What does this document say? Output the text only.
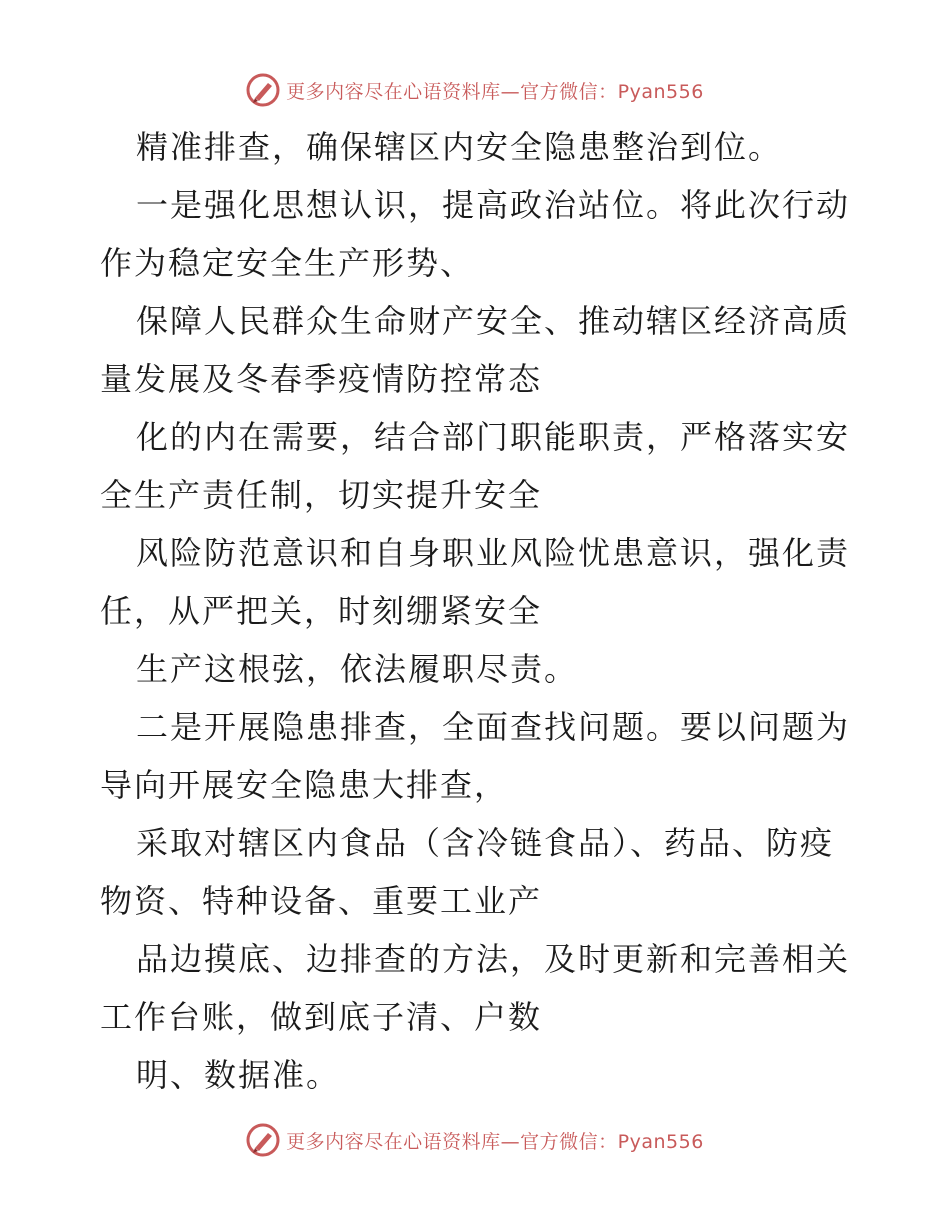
更多内容尽在心语资料库—官方微信：Pyan556

精准排查，确保辖区内安全隐患整治到位。

一是强化思想认识，提高政治站位。将此次行动

作为稳定安全生产形势、

保障人民群众生命财产安全、推动辖区经济高质

量发展及冬春季疫情防控常态

化的内在需要，结合部门职能职责，严格落实安

全生产责任制，切实提升安全

风险防范意识和自身职业风险忧患意识，强化责

任，从严把关，时刻绷紧安全

生产这根弦，依法履职尽责。

二是开展隐患排查，全面查找问题。要以问题为

导向开展安全隐患大排查，

采取对辖区内食品（含冷链食品）、药品、防疫

物资、特种设备、重要工业产

品边摸底、边排查的方法，及时更新和完善相关

工作台账，做到底子清、户数

明、数据准。

更多内容尽在心语资料库—官方微信：Pyan556
